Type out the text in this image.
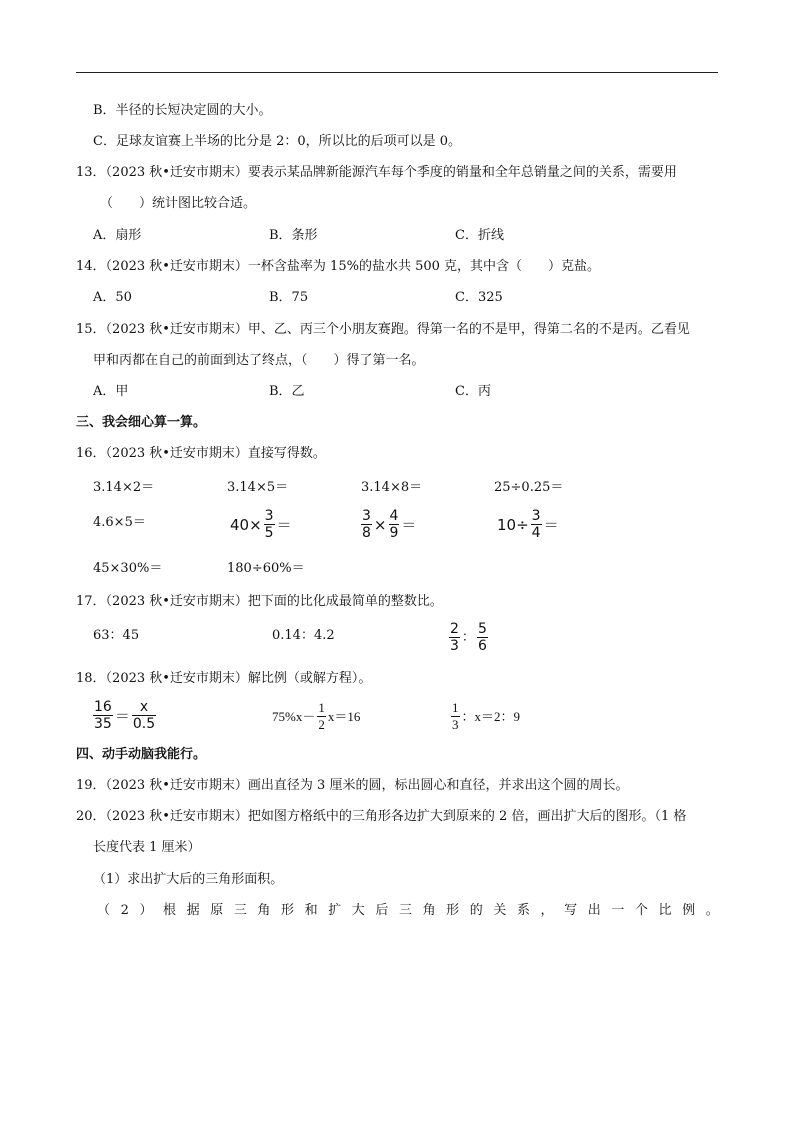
B．半径的长短决定圆的大小。
C．足球友谊赛上半场的比分是 2：0，所以比的后项可以是 0。
13．（2023 秋•迁安市期末）要表示某品牌新能源汽车每个季度的销量和全年总销量之间的关系，需要用
（　　）统计图比较合适。
A．扇形	B．条形	C．折线
14．（2023 秋•迁安市期末）一杯含盐率为 15%的盐水共 500 克，其中含（　　）克盐。
A．50	B．75	C．325
15．（2023 秋•迁安市期末）甲、乙、丙三个小朋友赛跑。得第一名的不是甲，得第二名的不是丙。乙看见
甲和丙都在自己的前面到达了终点，（　　）得了第一名。
A．甲	B．乙	C．丙
三、我会细心算一算。
16．（2023 秋•迁安市期末）直接写得数。
3.14×2＝	3.14×5＝	3.14×8＝	25÷0.25＝
4.6×5＝	$40\times \frac{3}{5}$ ＝	$\frac{3}{8} \times \frac{4}{9}$ ＝	$10\div \frac{3}{4}$ ＝
45×30%＝	180÷60%＝
17．（2023 秋•迁安市期末）把下面的比化成最简单的整数比。
63：45	0.14：4.2	$\frac{2}{3}$ ： $\frac{5}{6}$
18．（2023 秋•迁安市期末）解比例（或解方程）。
$\frac{16}{35} = \frac{x}{0.5}$	$75\%x- \frac{1}{2} x=16$	$\frac{1}{3}$ ：x＝2：9
四、动手动脑我能行。
19．（2023 秋•迁安市期末）画出直径为 3 厘米的圆，标出圆心和直径，并求出这个圆的周长。
20．（2023 秋•迁安市期末）把如图方格纸中的三角形各边扩大到原来的 2 倍，画出扩大后的图形。（1 格
长度代表 1 厘米）
（1）求出扩大后的三角形面积。
（ 2 ） 根 据 原 三 角 形 和 扩 大 后 三 角 形 的 关 系 ， 写 出 一 个 比 例 。
